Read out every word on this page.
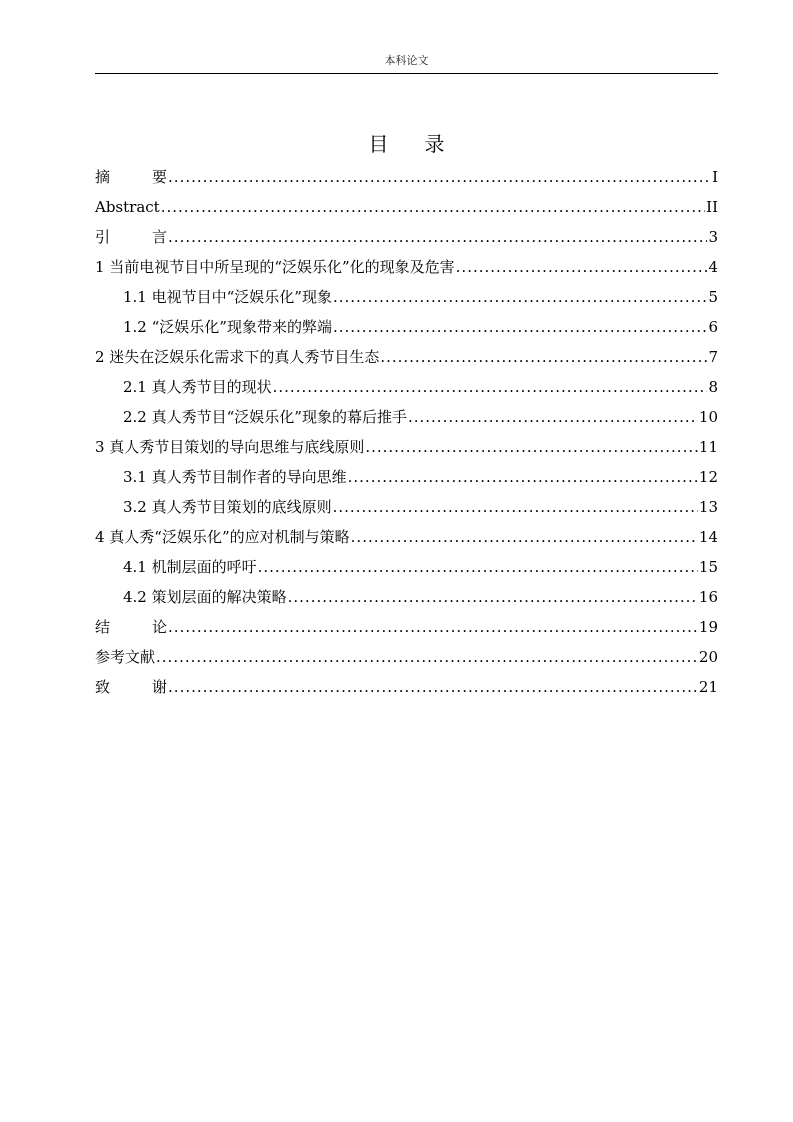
本科论文
目录
摘要 .....	I
Abstract .....	II
引言 .....	3
1 当前电视节目中所呈现的“泛娱乐化”化的现象及危害 .....	4
1.1 电视节目中“泛娱乐化”现象 .....	5
1.2 “泛娱乐化”现象带来的弊端 .....	6
2 迷失在泛娱乐化需求下的真人秀节目生态 .....	7
2.1 真人秀节目的现状 .....	8
2.2 真人秀节目“泛娱乐化”现象的幕后推手 .....	10
3 真人秀节目策划的导向思维与底线原则 .....	11
3.1 真人秀节目制作者的导向思维 .....	12
3.2 真人秀节目策划的底线原则 .....	13
4 真人秀“泛娱乐化”的应对机制与策略 .....	14
4.1 机制层面的呼吁 .....	15
4.2 策划层面的解决策略 .....	16
结论 .....	19
参考文献 .....	20
致谢 .....	21
